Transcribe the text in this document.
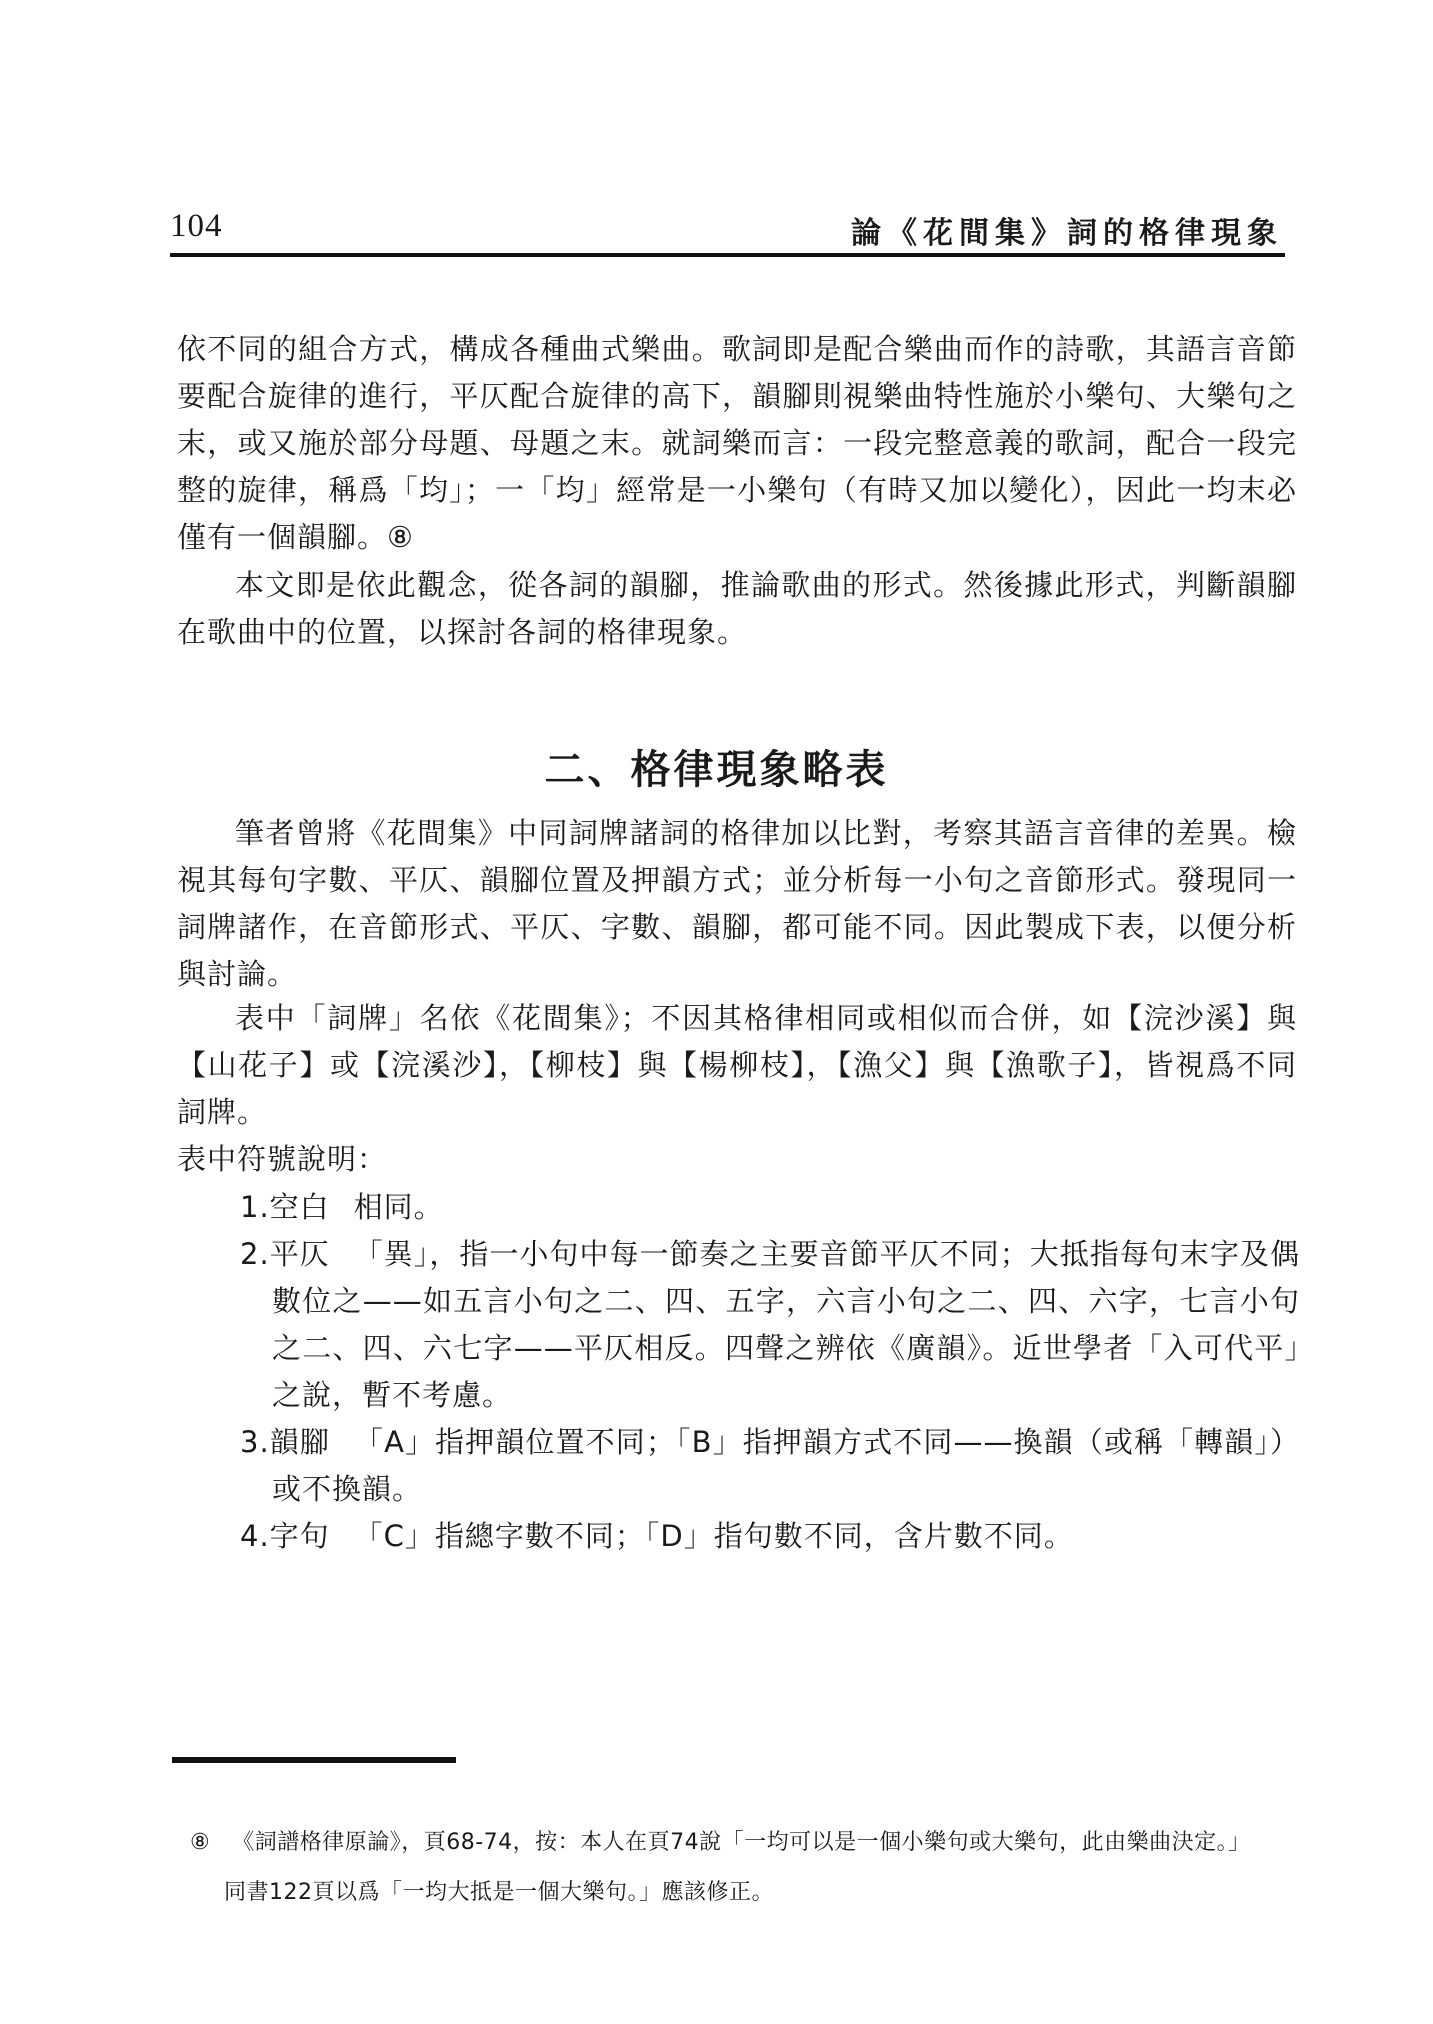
104	論《花間集》詞的格律現象

依不同的組合方式，構成各種曲式樂曲。歌詞即是配合樂曲而作的詩歌，其語言音節要配合旋律的進行，平仄配合旋律的高下，韻腳則視樂曲特性施於小樂句、大樂句之末，或又施於部分母題、母題之末。就詞樂而言：一段完整意義的歌詞，配合一段完整的旋律，稱爲「均」；一「均」經常是一小樂句（有時又加以變化），因此一均末必僅有一個韻腳。⑧

本文即是依此觀念，從各詞的韻腳，推論歌曲的形式。然後據此形式，判斷韻腳在歌曲中的位置，以探討各詞的格律現象。

二、格律現象略表

筆者曾將《花間集》中同詞牌諸詞的格律加以比對，考察其語言音律的差異。檢視其每句字數、平仄、韻腳位置及押韻方式；並分析每一小句之音節形式。發現同一詞牌諸作，在音節形式、平仄、字數、韻腳，都可能不同。因此製成下表，以便分析與討論。

表中「詞牌」名依《花間集》；不因其格律相同或相似而合併，如【浣沙溪】與【山花子】或【浣溪沙】，【柳枝】與【楊柳枝】，【漁父】與【漁歌子】，皆視爲不同詞牌。

表中符號說明：
1.空白 相同。
2.平仄 「異」，指一小句中每一節奏之主要音節平仄不同；大抵指每句末字及偶數位之——如五言小句之二、四、五字，六言小句之二、四、六字，七言小句之二、四、六七字——平仄相反。四聲之辨依《廣韻》。近世學者「入可代平」之說，暫不考慮。
3.韻腳 「A」指押韻位置不同；「B」指押韻方式不同——換韻（或稱「轉韻」）或不換韻。
4.字句 「C」指總字數不同；「D」指句數不同，含片數不同。
⑧ 《詞譜格律原論》，頁68-74，按：本人在頁74說「一均可以是一個小樂句或大樂句，此由樂曲決定。」
同書122頁以爲「一均大抵是一個大樂句。」應該修正。
